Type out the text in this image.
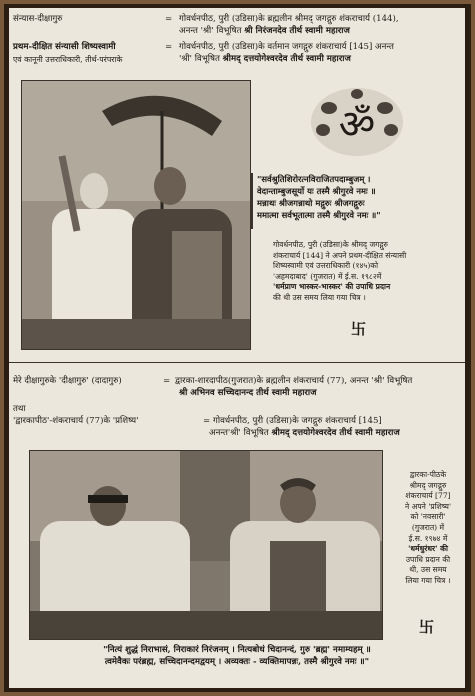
संन्यास-दीक्षागुरु	= गोवर्धनपीठ, पुरी (उडिसा)के ब्रह्मलीन श्रीमद् जगद्गुरु शंकराचार्य (144),
अनन्त 'श्री' विभूषित श्री निरंजनदेव तीर्थ स्वामी महाराज
प्रथम-दीक्षित संन्यासी शिष्यस्वामी	= गोवर्धनपीठ, पुरी (उडिसा)के वर्तमान जगद्गुरु शंकराचार्य [145] अनन्त
एवं कानूनी उत्तराधिकारी, तीर्थ-परंपराके	'श्री' विभूषित श्रीमद् दत्तयोगेश्वरदेव तीर्थ स्वामी महाराज
ॐ
"सर्वश्रुतिशिरोरत्नविराजितपदाम्बुजम् ।
वेदान्ताम्बुजसूर्यो यः तस्मै श्रीगुरवे नमः ॥
मन्नाथः श्रीजगन्नाथो मद्गुरुः श्रीजगद्गुरुः
ममात्मा सर्वभूतात्मा तस्मै श्रीगुरवे नमः ॥"
गोवर्धनपीठ, पुरी (उडिसा)के श्रीमद् जगद्गुरु
शंकराचार्य [144] ने अपने प्रथम-दीक्षित संन्यासी
शिष्यस्वामी एवं उत्तराधिकारी (१४५)को
'अहमदाबाद' (गुजरात) में ई.स. १९८२में
'धर्मप्राण भास्कर-भास्कर' की उपाधि प्रदान
की थी उस समय लिया गया चित्र ।
卐
मेरे दीक्षागुरुके 'दीक्षागुरु' (दादागुरु)	= द्वारका-शारदापीठ(गुजरात)के ब्रह्मलीन शंकराचार्य (77), अनन्त 'श्री' विभूषित
श्री अभिनव सच्चिदानन्द तीर्थ स्वामी महाराज
तथा
'द्वारकापीठ'-शंकराचार्य (77)के 'प्रशिष्य'	= गोवर्धनपीठ, पुरी (उडिसा)के जगद्गुरु शंकराचार्य [145]
अनन्त'श्री' विभूषित श्रीमद् दत्तयोगेश्वरदेव तीर्थ स्वामी महाराज
द्वारका-पीठके
श्रीमद् जगद्गुरु
शंकराचार्य [77]
ने अपने 'प्रशिष्य'
को 'नवसारी'
(गुजरात) में
ई.स. १९७४ में
'धर्मधुरंधर' की
उपाधि प्रदान की
थी, उस समय
लिया गया चित्र ।
卐
"नित्यं शुद्धं निराभासं, निराकारं निरंजनम् । नित्यबोधं चिदानन्दं, गुरु 'ब्रह्म' नमाम्यहम् ॥
त्वमेवैकः परंब्रह्म, सच्चिदानन्दमद्वयम् । अव्यक्तः - व्यक्तिमापन्नः, तस्मै श्रीगुरवे नमः ॥"
